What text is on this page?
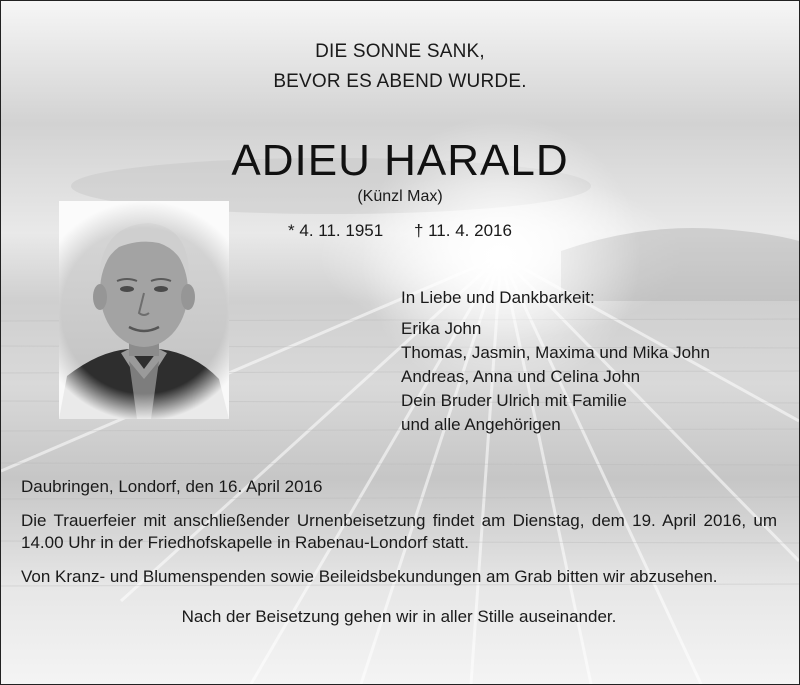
DIE SONNE SANK,
BEVOR ES ABEND WURDE.
ADIEU HARALD
(Künzl Max)
* 4. 11. 1951 † 11. 4. 2016
In Liebe und Dankbarkeit:
Erika John
Thomas, Jasmin, Maxima und Mika John
Andreas, Anna und Celina John
Dein Bruder Ulrich mit Familie
und alle Angehörigen
Daubringen, Londorf, den 16. April 2016
Die Trauerfeier mit anschließender Urnenbeisetzung findet am Dienstag, dem 19. April 2016, um 14.00 Uhr in der Friedhofskapelle in Rabenau-Londorf statt.
Von Kranz- und Blumenspenden sowie Beileidsbekundungen am Grab bitten wir abzusehen.
Nach der Beisetzung gehen wir in aller Stille auseinander.
